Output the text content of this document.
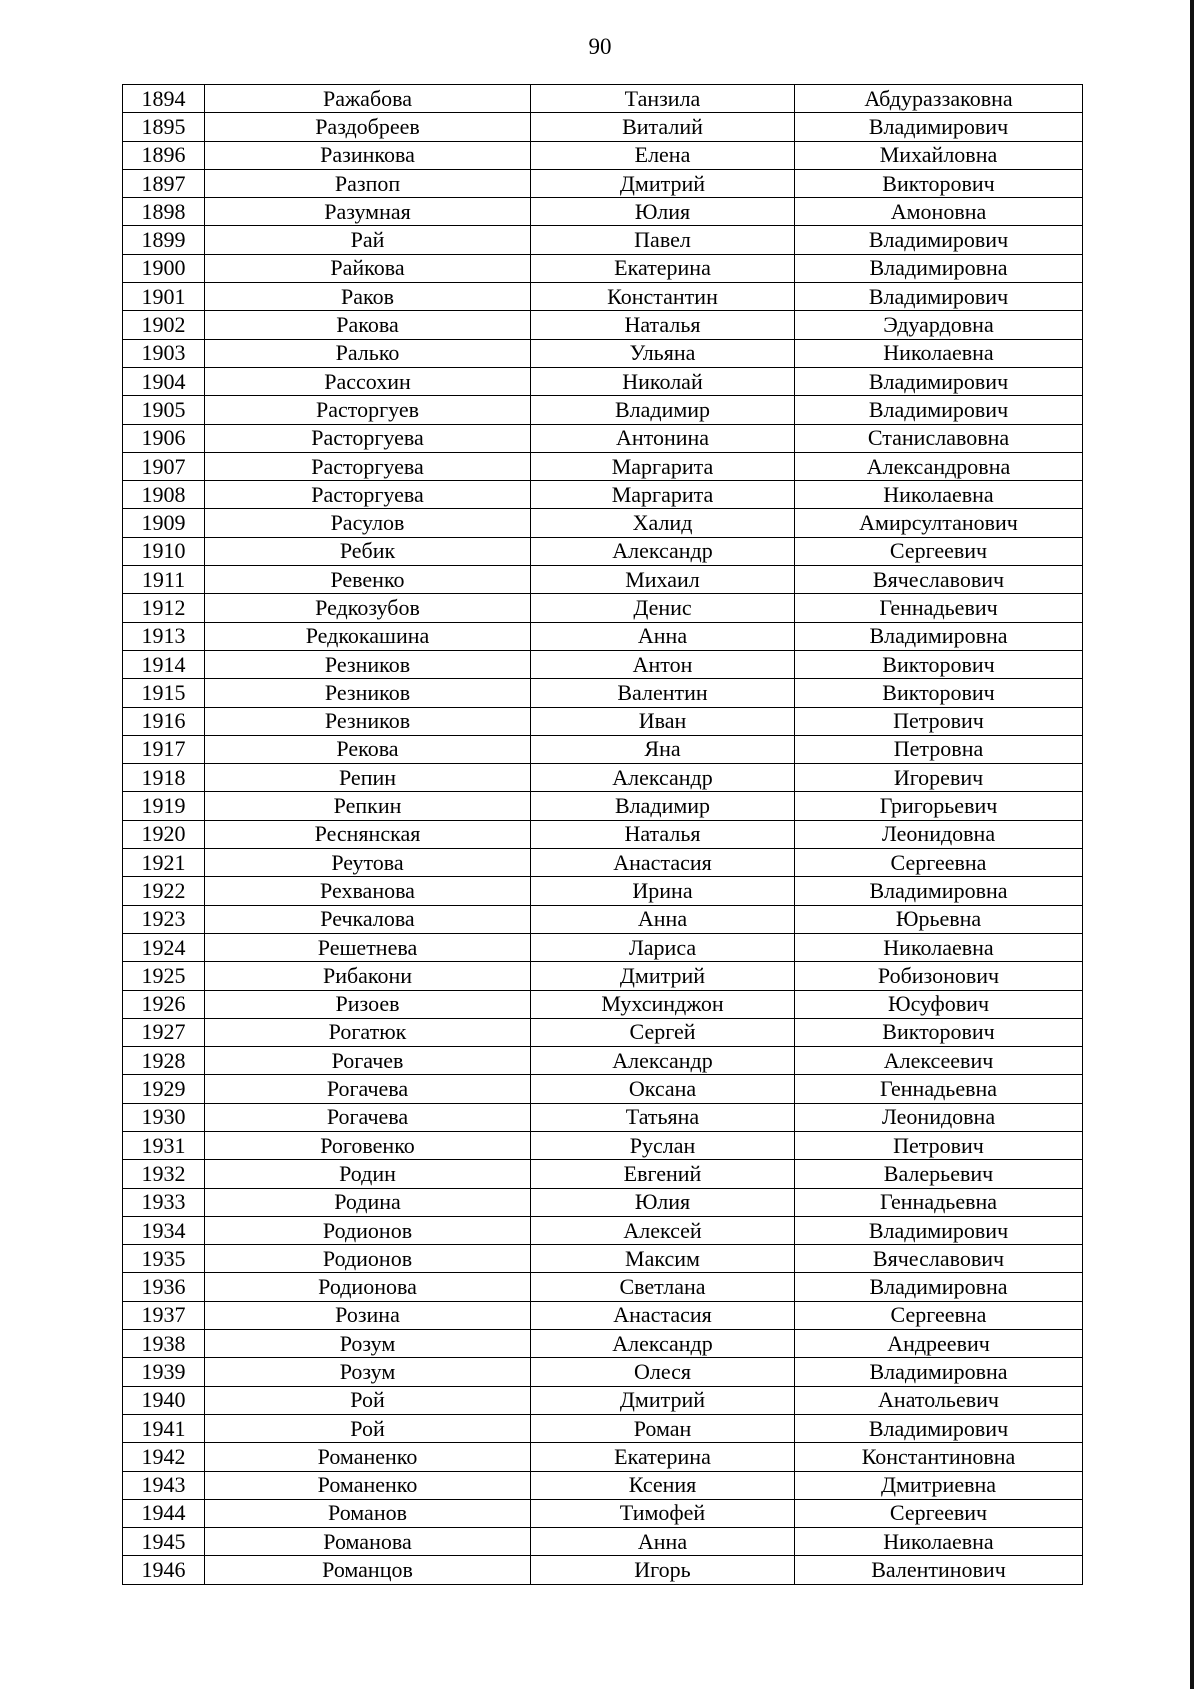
90
1894	Ражабова	Танзила	Абдураззаковна
1895	Раздобреев	Виталий	Владимирович
1896	Разинкова	Елена	Михайловна
1897	Разпоп	Дмитрий	Викторович
1898	Разумная	Юлия	Амоновна
1899	Рай	Павел	Владимирович
1900	Райкова	Екатерина	Владимировна
1901	Раков	Константин	Владимирович
1902	Ракова	Наталья	Эдуардовна
1903	Ралько	Ульяна	Николаевна
1904	Рассохин	Николай	Владимирович
1905	Расторгуев	Владимир	Владимирович
1906	Расторгуева	Антонина	Станиславовна
1907	Расторгуева	Маргарита	Александровна
1908	Расторгуева	Маргарита	Николаевна
1909	Расулов	Халид	Амирсултанович
1910	Ребик	Александр	Сергеевич
1911	Ревенко	Михаил	Вячеславович
1912	Редкозубов	Денис	Геннадьевич
1913	Редкокашина	Анна	Владимировна
1914	Резников	Антон	Викторович
1915	Резников	Валентин	Викторович
1916	Резников	Иван	Петрович
1917	Рекова	Яна	Петровна
1918	Репин	Александр	Игоревич
1919	Репкин	Владимир	Григорьевич
1920	Реснянская	Наталья	Леонидовна
1921	Реутова	Анастасия	Сергеевна
1922	Рехванова	Ирина	Владимировна
1923	Речкалова	Анна	Юрьевна
1924	Решетнева	Лариса	Николаевна
1925	Рибакони	Дмитрий	Робизонович
1926	Ризоев	Мухсинджон	Юсуфович
1927	Рогатюк	Сергей	Викторович
1928	Рогачев	Александр	Алексеевич
1929	Рогачева	Оксана	Геннадьевна
1930	Рогачева	Татьяна	Леонидовна
1931	Роговенко	Руслан	Петрович
1932	Родин	Евгений	Валерьевич
1933	Родина	Юлия	Геннадьевна
1934	Родионов	Алексей	Владимирович
1935	Родионов	Максим	Вячеславович
1936	Родионова	Светлана	Владимировна
1937	Розина	Анастасия	Сергеевна
1938	Розум	Александр	Андреевич
1939	Розум	Олеся	Владимировна
1940	Рой	Дмитрий	Анатольевич
1941	Рой	Роман	Владимирович
1942	Романенко	Екатерина	Константиновна
1943	Романенко	Ксения	Дмитриевна
1944	Романов	Тимофей	Сергеевич
1945	Романова	Анна	Николаевна
1946	Романцов	Игорь	Валентинович
